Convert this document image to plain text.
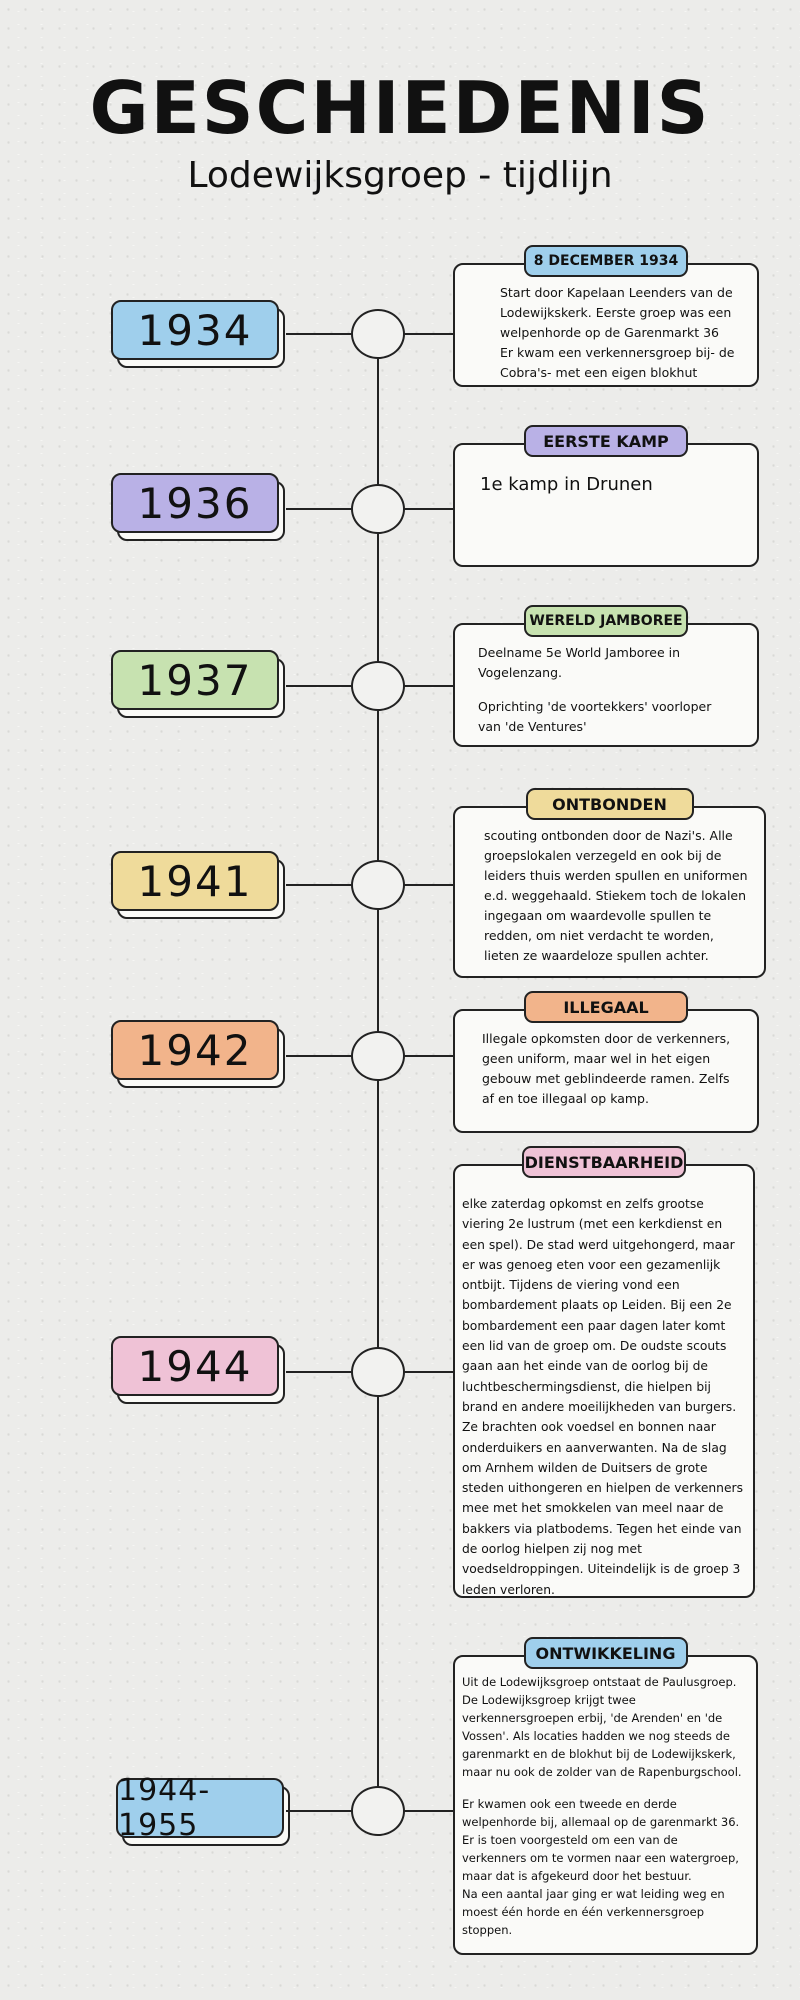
GESCHIEDENIS
Lodewijksgroep - tijdlijn
1934
8 DECEMBER 1934

Start door Kapelaan Leenders van de Lodewijkskerk. Eerste groep was een welpenhorde op de Garenmarkt 36

Er kwam een verkennersgroep bij- de Cobra's- met een eigen blokhut

1936
EERSTE KAMP

1e kamp in Drunen

1937
WERELD JAMBOREE

Deelname 5e World Jamboree in Vogelenzang.

Oprichting 'de voortekkers' voorloper van 'de Ventures'

1941
ONTBONDEN

scouting ontbonden door de Nazi's. Alle groepslokalen verzegeld en ook bij de leiders thuis werden spullen en uniformen e.d. weggehaald. Stiekem toch de lokalen ingegaan om waardevolle spullen te redden, om niet verdacht te worden, lieten ze waardeloze spullen achter.

1942
ILLEGAAL

Illegale opkomsten door de verkenners, geen uniform, maar wel in het eigen gebouw met geblindeerde ramen. Zelfs af en toe illegaal op kamp.

1944
DIENSTBAARHEID

elke zaterdag opkomst en zelfs grootse viering 2e lustrum (met een kerkdienst en een spel). De stad werd uitgehongerd, maar er was genoeg eten voor een gezamenlijk ontbijt. Tijdens de viering vond een bombardement plaats op Leiden. Bij een 2e bombardement een paar dagen later komt een lid van de groep om. De oudste scouts gaan aan het einde van de oorlog bij de luchtbeschermingsdienst, die hielpen bij brand en andere moeilijkheden van burgers. Ze brachten ook voedsel en bonnen naar onderduikers en aanverwanten. Na de slag om Arnhem wilden de Duitsers de grote steden uithongeren en hielpen de verkenners mee met het smokkelen van meel naar de bakkers via platbodems. Tegen het einde van de oorlog hielpen zij nog met voedseldroppingen. Uiteindelijk is de groep 3 leden verloren.

1944-1955
ONTWIKKELING

Uit de Lodewijksgroep ontstaat de Paulusgroep. De Lodewijksgroep krijgt twee verkennersgroepen erbij, 'de Arenden' en 'de Vossen'. Als locaties hadden we nog steeds de garenmarkt en de blokhut bij de Lodewijkskerk, maar nu ook de zolder van de Rapenburgschool.

Er kwamen ook een tweede en derde welpenhorde bij, allemaal op de garenmarkt 36. Er is toen voorgesteld om een van de verkenners om te vormen naar een watergroep, maar dat is afgekeurd door het bestuur.

Na een aantal jaar ging er wat leiding weg en moest één horde en één verkennersgroep stoppen.
